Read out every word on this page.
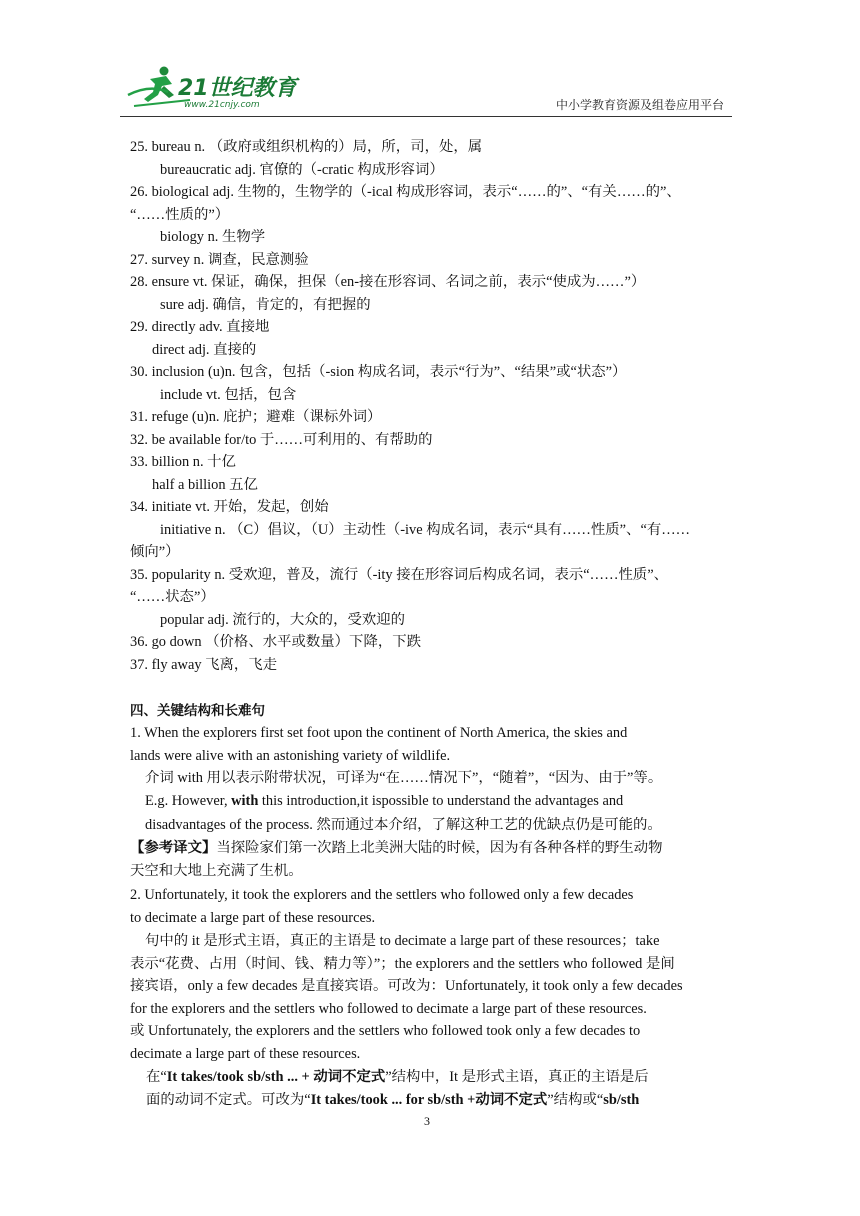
21世纪教育
www.21cnjy.com	中小学教育资源及组卷应用平台
25. bureau n. （政府或组织机构的）局，所，司，处，属
bureaucratic adj. 官僚的（-cratic 构成形容词）
26. biological adj. 生物的，生物学的（-ical 构成形容词，表示“……的”、“有关……的”、
“……性质的”）
biology n. 生物学
27. survey n. 调查，民意测验
28. ensure vt. 保证，确保，担保（en-接在形容词、名词之前，表示“使成为……”）
sure adj. 确信，肯定的，有把握的
29. directly adv. 直接地
direct adj. 直接的
30. inclusion (u)n. 包含，包括（-sion 构成名词，表示“行为”、“结果”或“状态”）
include vt. 包括，包含
31. refuge (u)n. 庇护；避难（课标外词）
32. be available for/to 于……可利用的、有帮助的
33. billion n. 十亿
half a billion 五亿
34. initiate vt. 开始，发起，创始
initiative n. （C）倡议，（U）主动性（-ive 构成名词，表示“具有……性质”、“有……
倾向”）
35. popularity n. 受欢迎，普及，流行（-ity 接在形容词后构成名词，表示“……性质”、
“……状态”）
popular adj. 流行的，大众的，受欢迎的
36. go down （价格、水平或数量）下降，下跌
37. fly away 飞离，飞走
四、关键结构和长难句
1. When the explorers first set foot upon the continent of North America, the skies and
lands were alive with an astonishing variety of wildlife.
介词 with 用以表示附带状况，可译为“在……情况下”，“随着”，“因为、由于”等。
E.g. However, with this introduction,it ispossible to understand the advantages and
disadvantages of the process. 然而通过本介绍，了解这种工艺的优缺点仍是可能的。
【参考译文】当探险家们第一次踏上北美洲大陆的时候，因为有各种各样的野生动物
天空和大地上充满了生机。
2. Unfortunately, it took the explorers and the settlers who followed only a few decades
to decimate a large part of these resources.
句中的 it 是形式主语，真正的主语是 to decimate a large part of these resources；take
表示“花费、占用（时间、钱、精力等）”；the explorers and the settlers who followed 是间
接宾语，only a few decades 是直接宾语。可改为：Unfortunately, it took only a few decades
for the explorers and the settlers who followed to decimate a large part of these resources.
或 Unfortunately, the explorers and the settlers who followed took only a few decades to
decimate a large part of these resources.
在“It takes/took sb/sth ... + 动词不定式”结构中，It 是形式主语，真正的主语是后
面的动词不定式。可改为“It takes/took ... for sb/sth +动词不定式”结构或“sb/sth
3
